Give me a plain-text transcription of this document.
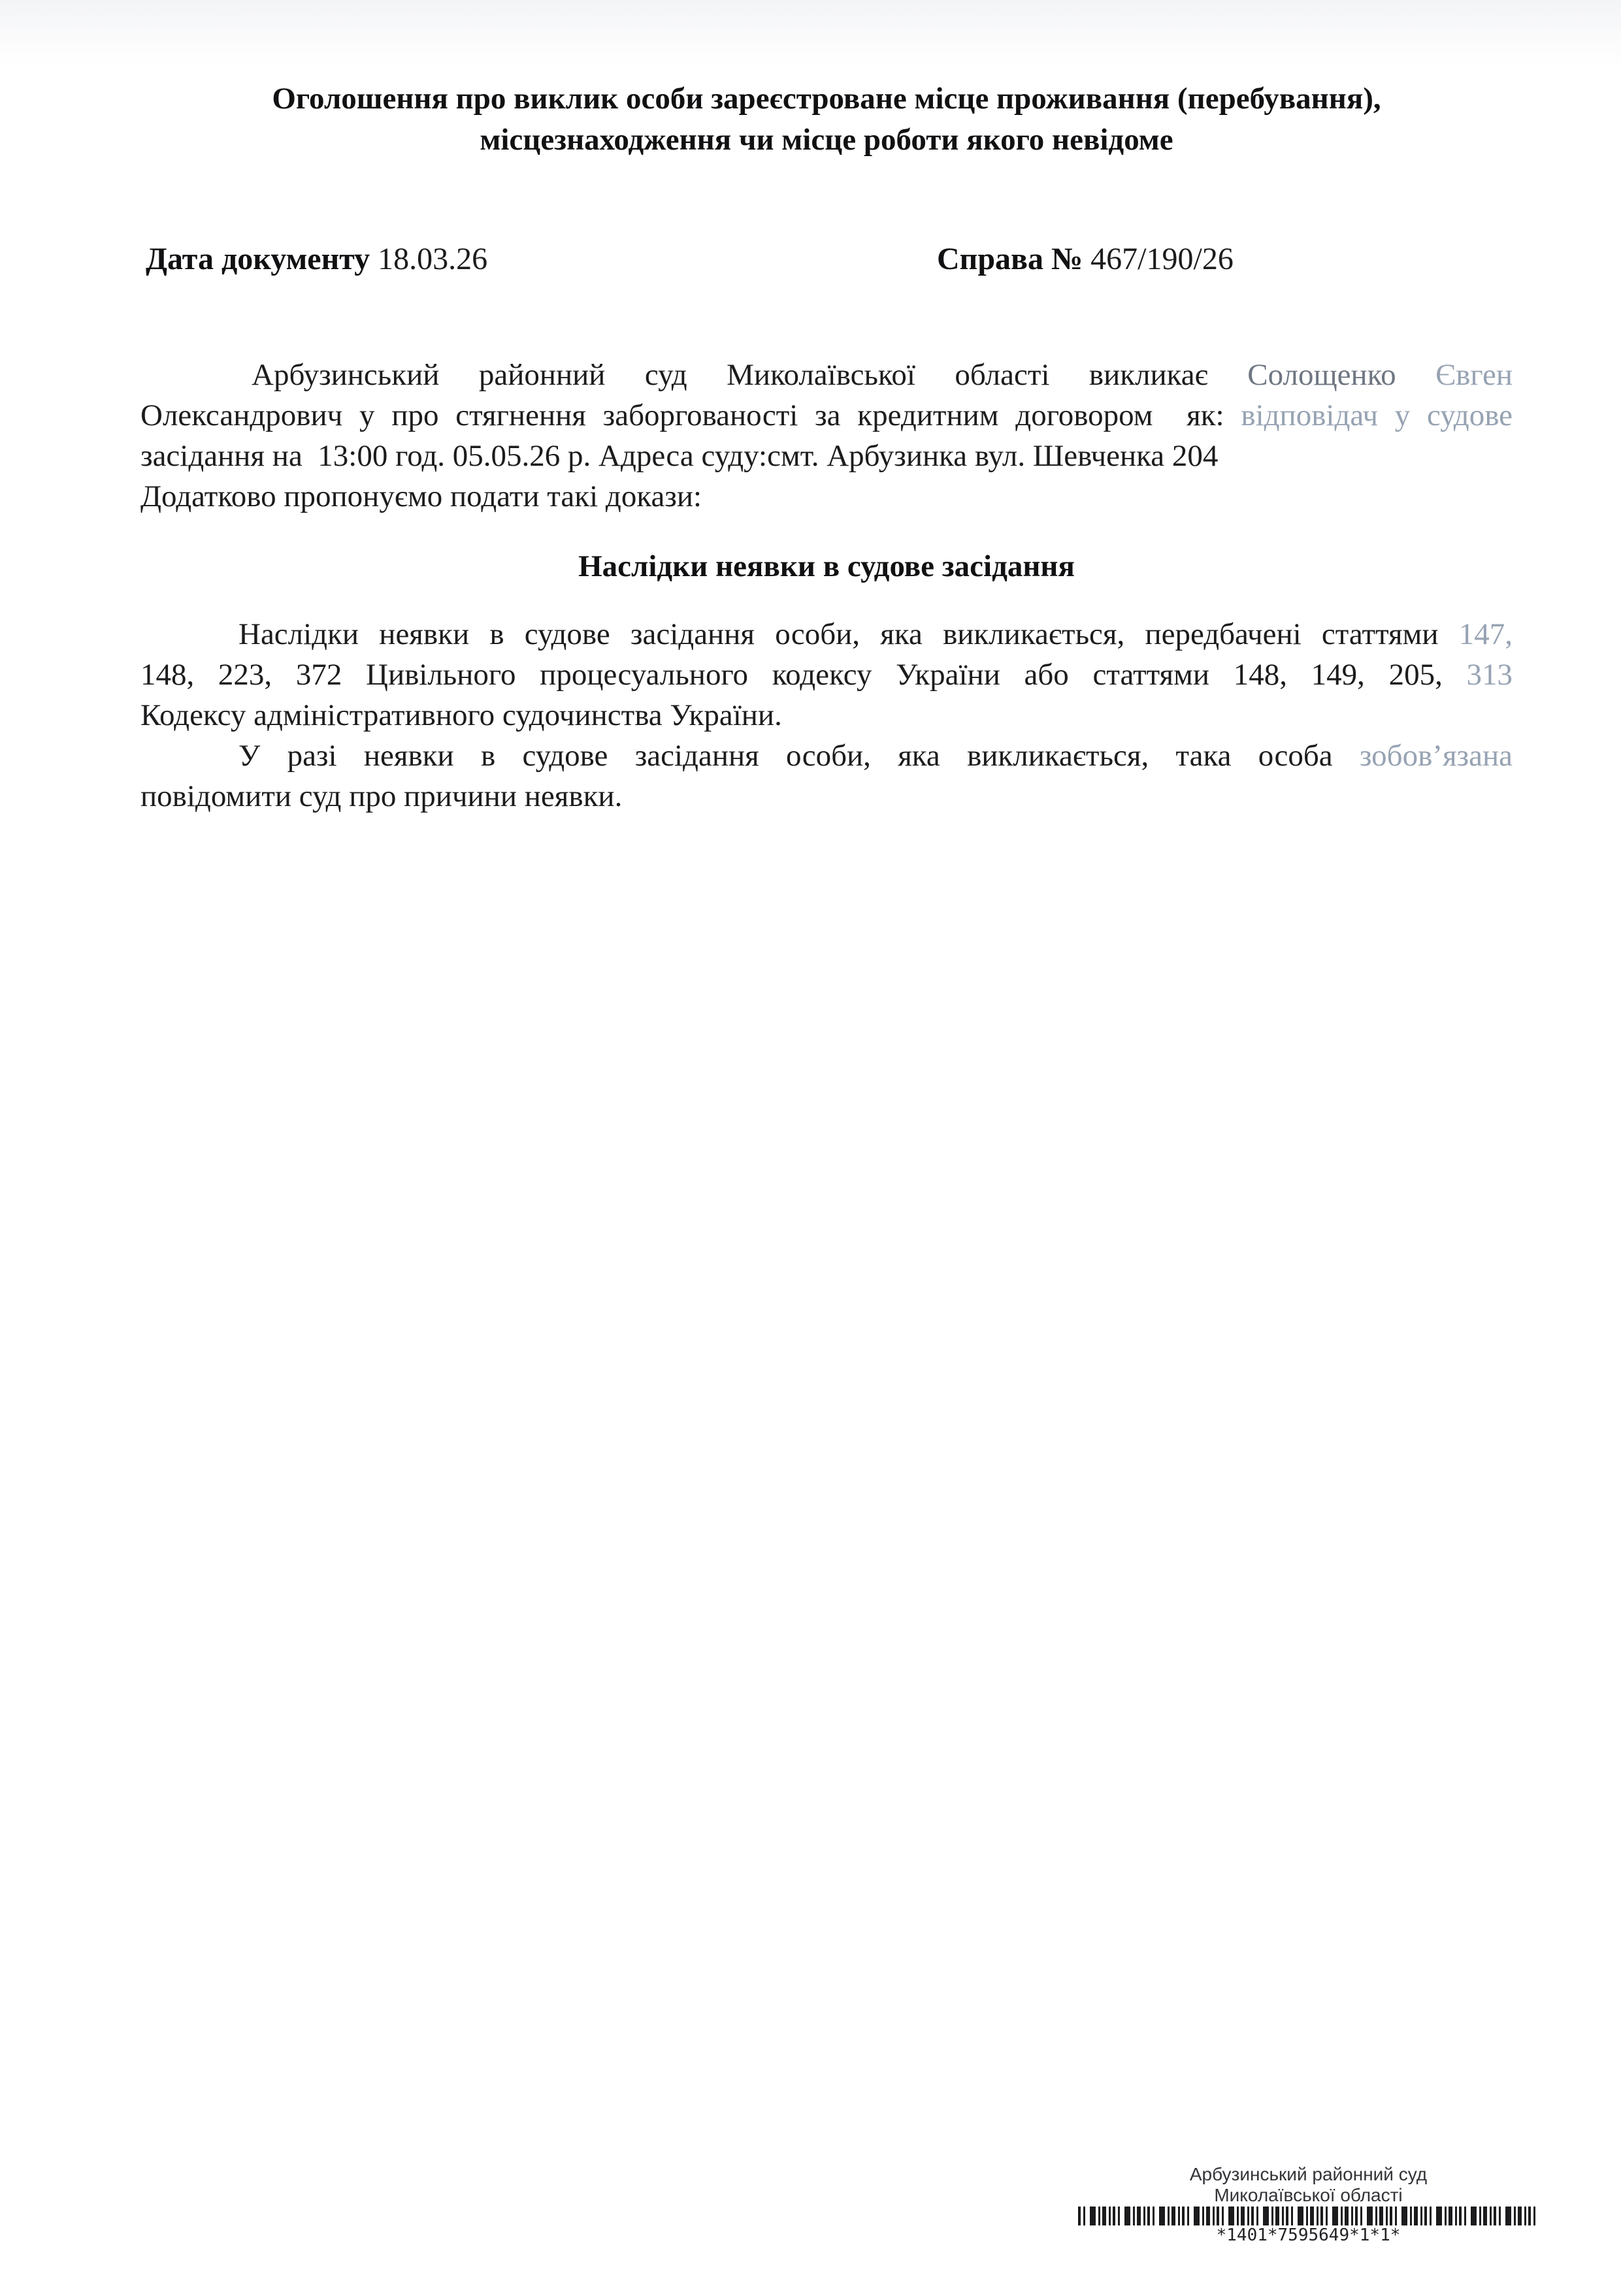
Оголошення про виклик особи зареєстроване місце проживання (перебування),
місцезнаходження чи місце роботи якого невідоме
Дата документу 18.03.26	Справа № 467/190/26
Арбузинський районний суд Миколаївської області викликає Солощенко Євген
Олександрович у про стягнення заборгованості за кредитним договором  як: відповідач у судове
засідання на  13:00 год. 05.05.26 р. Адреса суду:смт. Арбузинка вул. Шевченка 204
Додатково пропонуємо подати такі докази:
Наслідки неявки в судове засідання
Наслідки неявки в судове засідання особи, яка викликається, передбачені статтями 147,
148, 223, 372 Цивільного процесуального кодексу України або статтями 148, 149, 205, 313
Кодексу адміністративного судочинства України.
У разі неявки в судове засідання особи, яка викликається, така особа зобов’язана
повідомити суд про причини неявки.
Арбузинський районний суд
Миколаївської області
*1401*7595649*1*1*
